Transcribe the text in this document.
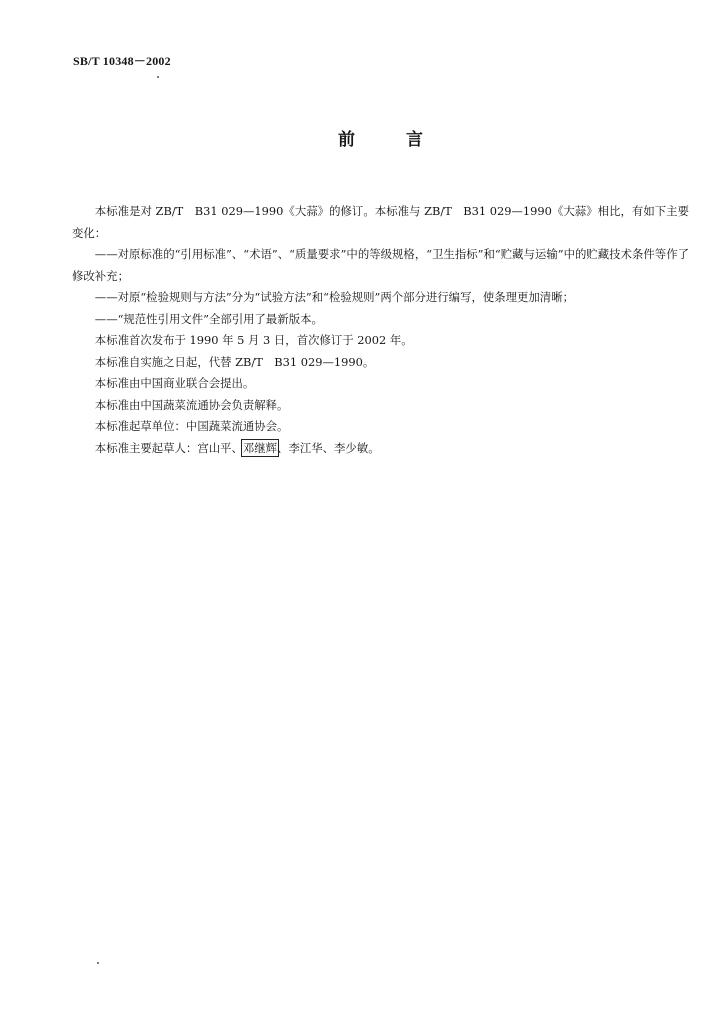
SB/T 10348－2002
前　　　言

本标准是对 ZB/T　B31 029—1990《大蒜》的修订。本标准与 ZB/T　B31 029—1990《大蒜》相比，有如下主要变化：

——对原标准的“引用标准”、“术语”、“质量要求”中的等级规格，“卫生指标”和“贮藏与运输”中的贮藏技术条件等作了修改补充；

——对原“检验规则与方法”分为“试验方法”和“检验规则”两个部分进行编写，使条理更加清晰；

——“规范性引用文件”全部引用了最新版本。

本标准首次发布于 1990 年 5 月 3 日，首次修订于 2002 年。

本标准自实施之日起，代替 ZB/T　B31 029—1990。

本标准由中国商业联合会提出。

本标准由中国蔬菜流通协会负责解释。

本标准起草单位：中国蔬菜流通协会。

本标准主要起草人：宫山平、邓继辉、李江华、李少敏。
